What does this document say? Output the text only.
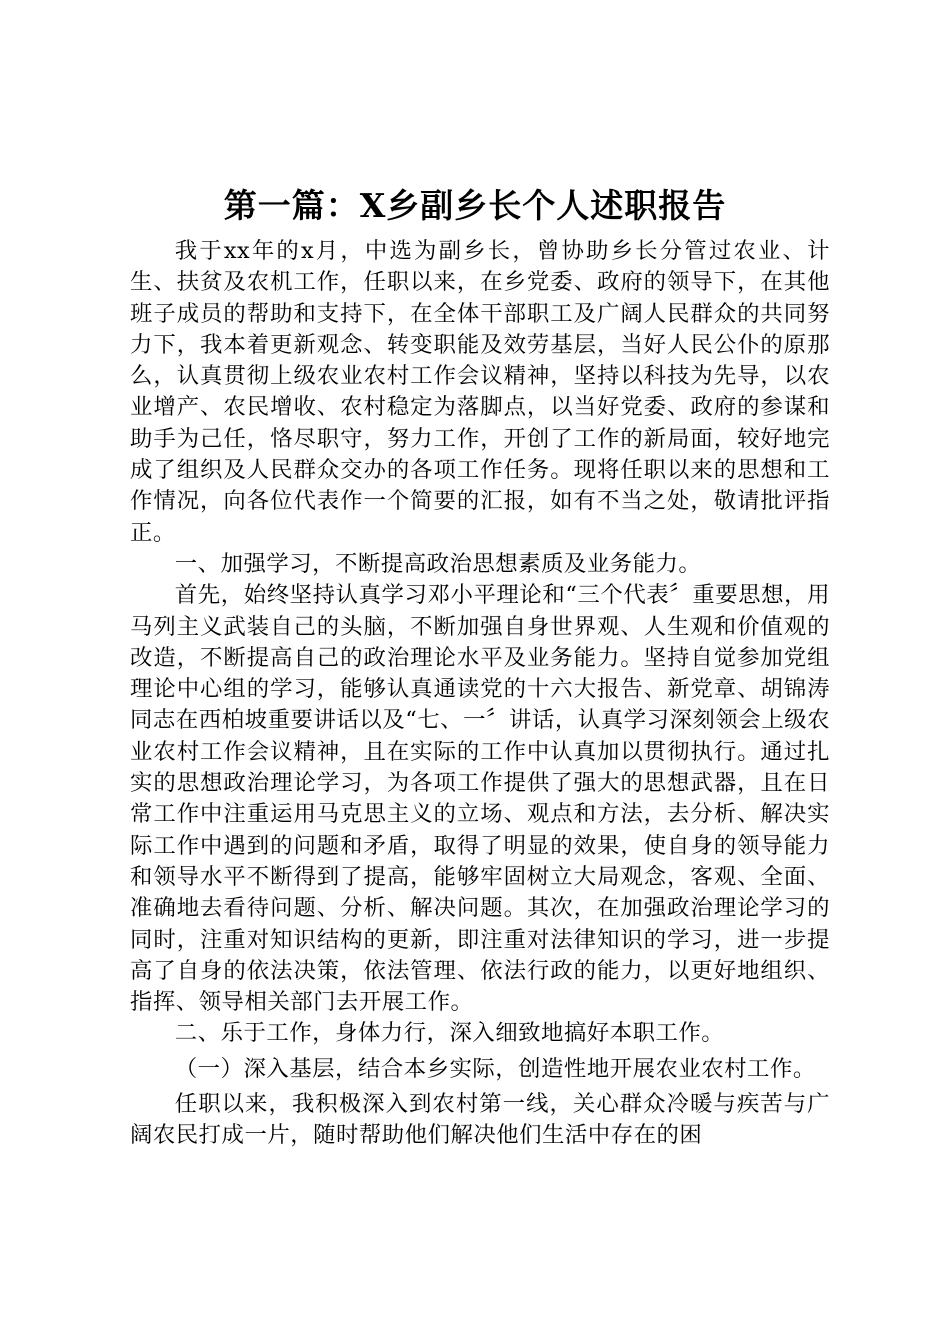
第一篇：X乡副乡长个人述职报告

我于xx年的x月，中选为副乡长，曾协助乡长分管过农业、计生、扶贫及农机工作，任职以来，在乡党委、政府的领导下，在其他班子成员的帮助和支持下，在全体干部职工及广阔人民群众的共同努力下，我本着更新观念、转变职能及效劳基层，当好人民公仆的原那么，认真贯彻上级农业农村工作会议精神，坚持以科技为先导，以农业增产、农民增收、农村稳定为落脚点，以当好党委、政府的参谋和助手为己任，恪尽职守，努力工作，开创了工作的新局面，较好地完成了组织及人民群众交办的各项工作任务。现将任职以来的思想和工作情况，向各位代表作一个简要的汇报，如有不当之处，敬请批评指正。

一、加强学习，不断提高政治思想素质及业务能力。

首先，始终坚持认真学习邓小平理论和“三个代表〞重要思想，用马列主义武装自己的头脑，不断加强自身世界观、人生观和价值观的改造，不断提高自己的政治理论水平及业务能力。坚持自觉参加党组理论中心组的学习，能够认真通读党的十六大报告、新党章、胡锦涛同志在西柏坡重要讲话以及“七、一〞讲话，认真学习深刻领会上级农业农村工作会议精神，且在实际的工作中认真加以贯彻执行。通过扎实的思想政治理论学习，为各项工作提供了强大的思想武器，且在日常工作中注重运用马克思主义的立场、观点和方法，去分析、解决实际工作中遇到的问题和矛盾，取得了明显的效果，使自身的领导能力和领导水平不断得到了提高，能够牢固树立大局观念，客观、全面、准确地去看待问题、分析、解决问题。其次，在加强政治理论学习的同时，注重对知识结构的更新，即注重对法律知识的学习，进一步提高了自身的依法决策，依法管理、依法行政的能力，以更好地组织、指挥、领导相关部门去开展工作。

二、乐于工作，身体力行，深入细致地搞好本职工作。

（一）深入基层，结合本乡实际，创造性地开展农业农村工作。

任职以来，我积极深入到农村第一线，关心群众冷暖与疾苦与广阔农民打成一片，随时帮助他们解决他们生活中存在的困
